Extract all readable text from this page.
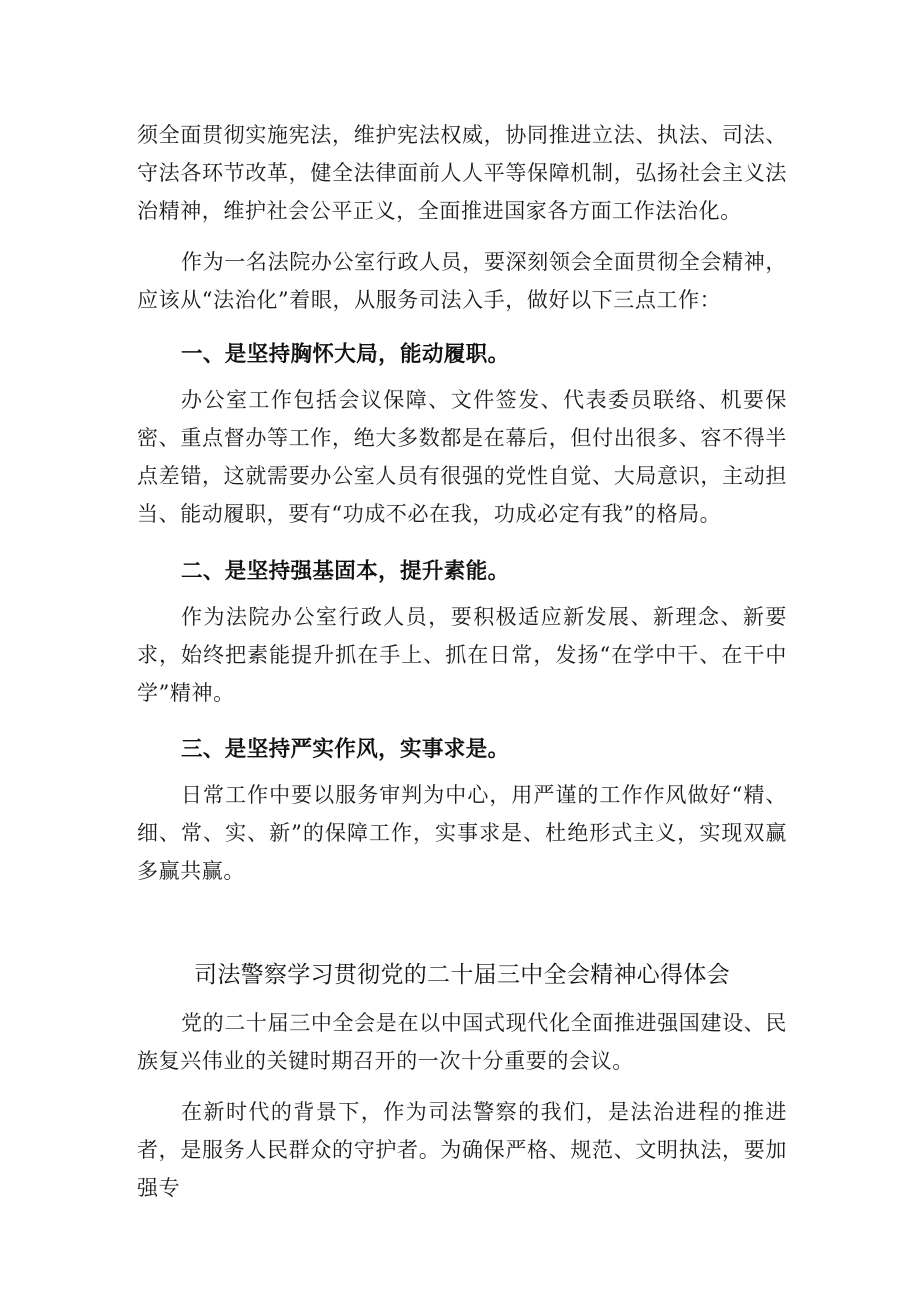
须全面贯彻实施宪法，维护宪法权威，协同推进立法、执法、司法、守法各环节改革，健全法律面前人人平等保障机制，弘扬社会主义法治精神，维护社会公平正义，全面推进国家各方面工作法治化。

作为一名法院办公室行政人员，要深刻领会全面贯彻全会精神，应该从“法治化”着眼，从服务司法入手，做好以下三点工作：

一、是坚持胸怀大局，能动履职。

办公室工作包括会议保障、文件签发、代表委员联络、机要保密、重点督办等工作，绝大多数都是在幕后，但付出很多、容不得半点差错，这就需要办公室人员有很强的党性自觉、大局意识，主动担当、能动履职，要有“功成不必在我，功成必定有我”的格局。

二、是坚持强基固本，提升素能。

作为法院办公室行政人员，要积极适应新发展、新理念、新要求，始终把素能提升抓在手上、抓在日常，发扬“在学中干、在干中学”精神。

三、是坚持严实作风，实事求是。

日常工作中要以服务审判为中心，用严谨的工作作风做好“精、细、常、实、新”的保障工作，实事求是、杜绝形式主义，实现双赢多赢共赢。

司法警察学习贯彻党的二十届三中全会精神心得体会

党的二十届三中全会是在以中国式现代化全面推进强国建设、民族复兴伟业的关键时期召开的一次十分重要的会议。

在新时代的背景下，作为司法警察的我们，是法治进程的推进者，是服务人民群众的守护者。为确保严格、规范、文明执法，要加强专
